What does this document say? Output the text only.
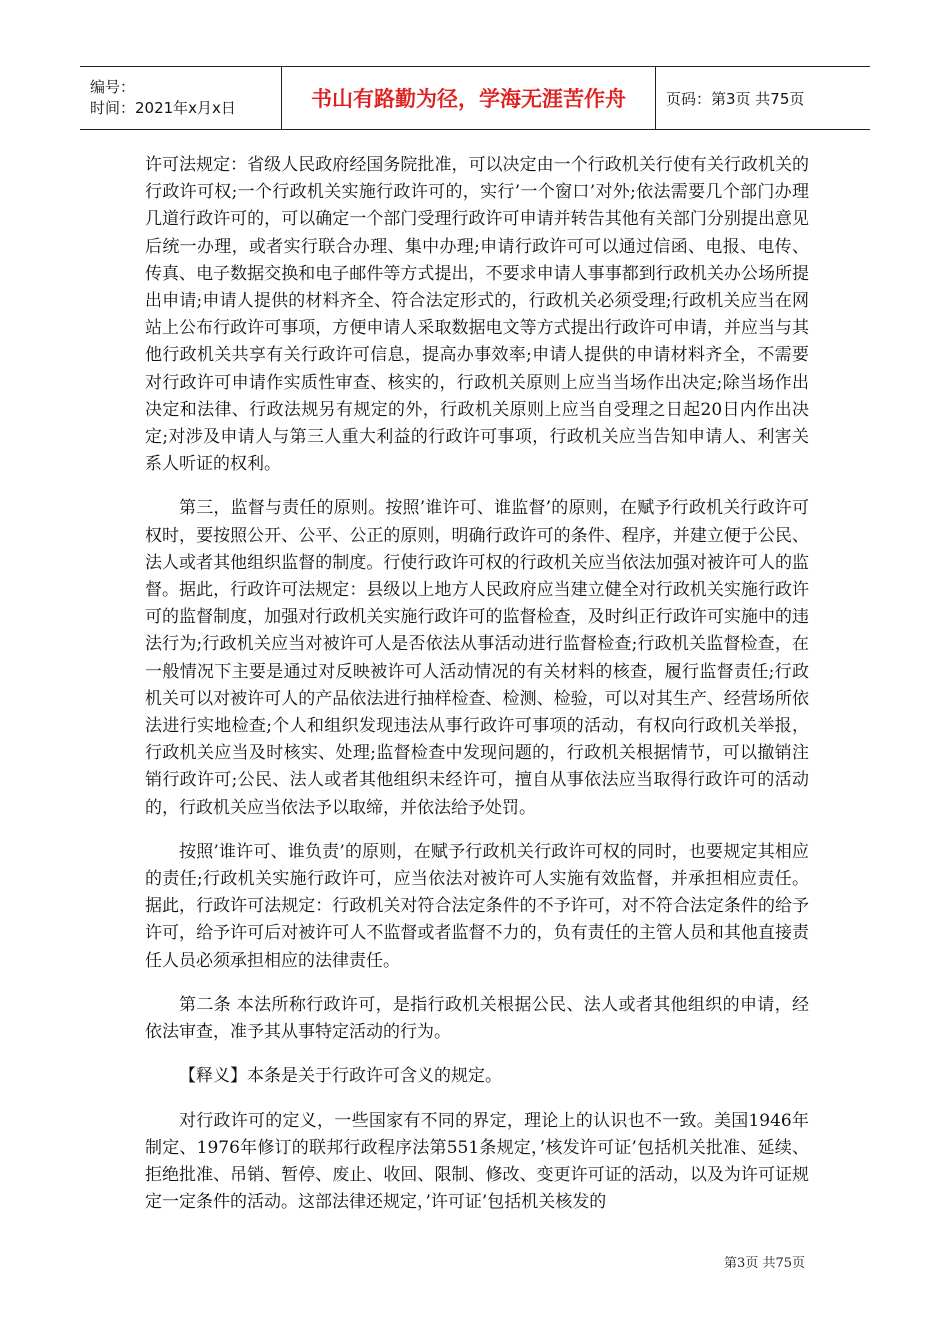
编号：
时间：2021年x月x日	书山有路勤为径，学海无涯苦作舟	页码：第3页 共75页

许可法规定：省级人民政府经国务院批准，可以决定由一个行政机关行使有关行政机关的行政许可权;一个行政机关实施行政许可的，实行’一个窗口’对外;依法需要几个部门办理几道行政许可的，可以确定一个部门受理行政许可申请并转告其他有关部门分别提出意见后统一办理，或者实行联合办理、集中办理;申请行政许可可以通过信函、电报、电传、传真、电子数据交换和电子邮件等方式提出，不要求申请人事事都到行政机关办公场所提出申请;申请人提供的材料齐全、符合法定形式的，行政机关必须受理;行政机关应当在网站上公布行政许可事项，方便申请人采取数据电文等方式提出行政许可申请，并应当与其他行政机关共享有关行政许可信息，提高办事效率;申请人提供的申请材料齐全，不需要对行政许可申请作实质性审查、核实的，行政机关原则上应当当场作出决定;除当场作出决定和法律、行政法规另有规定的外，行政机关原则上应当自受理之日起20日内作出决定;对涉及申请人与第三人重大利益的行政许可事项，行政机关应当告知申请人、利害关系人听证的权利。

第三，监督与责任的原则。按照’谁许可、谁监督’的原则，在赋予行政机关行政许可权时，要按照公开、公平、公正的原则，明确行政许可的条件、程序，并建立便于公民、法人或者其他组织监督的制度。行使行政许可权的行政机关应当依法加强对被许可人的监督。据此，行政许可法规定：县级以上地方人民政府应当建立健全对行政机关实施行政许可的监督制度，加强对行政机关实施行政许可的监督检查，及时纠正行政许可实施中的违法行为;行政机关应当对被许可人是否依法从事活动进行监督检查;行政机关监督检查，在一般情况下主要是通过对反映被许可人活动情况的有关材料的核查，履行监督责任;行政机关可以对被许可人的产品依法进行抽样检查、检测、检验，可以对其生产、经营场所依法进行实地检查;个人和组织发现违法从事行政许可事项的活动，有权向行政机关举报，行政机关应当及时核实、处理;监督检查中发现问题的，行政机关根据情节，可以撤销注销行政许可;公民、法人或者其他组织未经许可，擅自从事依法应当取得行政许可的活动的，行政机关应当依法予以取缔，并依法给予处罚。

按照’谁许可、谁负责’的原则，在赋予行政机关行政许可权的同时，也要规定其相应的责任;行政机关实施行政许可，应当依法对被许可人实施有效监督，并承担相应责任。据此，行政许可法规定：行政机关对符合法定条件的不予许可，对不符合法定条件的给予许可，给予许可后对被许可人不监督或者监督不力的，负有责任的主管人员和其他直接责任人员必须承担相应的法律责任。

第二条 本法所称行政许可，是指行政机关根据公民、法人或者其他组织的申请，经依法审查，准予其从事特定活动的行为。

【释义】本条是关于行政许可含义的规定。

对行政许可的定义，一些国家有不同的界定，理论上的认识也不一致。美国1946年制定、1976年修订的联邦行政程序法第551条规定，’核发许可证’包括机关批准、延续、拒绝批准、吊销、暂停、废止、收回、限制、修改、变更许可证的活动，以及为许可证规定一定条件的活动。这部法律还规定，’许可证’包括机关核发的

第3页 共75页
